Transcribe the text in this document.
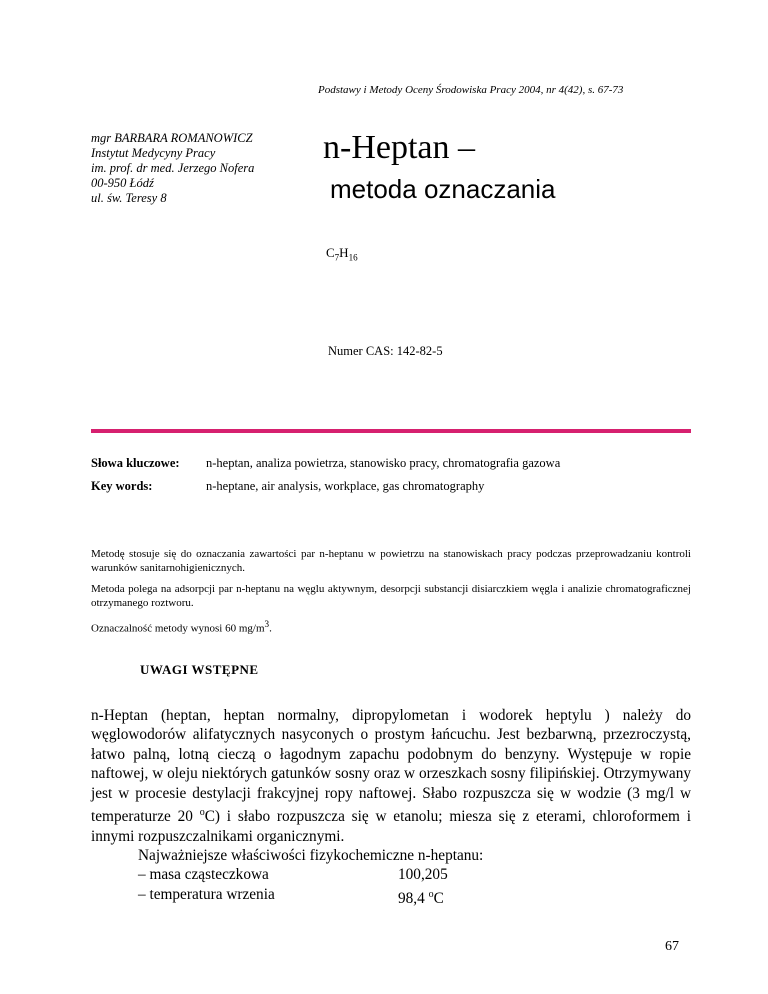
Podstawy i Metody Oceny Środowiska Pracy 2004, nr 4(42), s. 67-73
mgr BARBARA ROMANOWICZ
Instytut Medycyny Pracy
im. prof. dr med. Jerzego Nofera
00-950 Łódź
ul. św. Teresy 8
n-Heptan –
metoda oznaczania
$C_7H_{16}$
Numer CAS: 142-82-5
Słowa kluczowe: n-heptan, analiza powietrza, stanowisko pracy, chromatografia gazowa
Key words:	n-heptane, air analysis, workplace, gas chromatography

Metodę stosuje się do oznaczania zawartości par n-heptanu w powietrzu na stanowiskach pracy podczas przeprowadzaniu kontroli warunków sanitarnohigienicznych.

Metoda polega na adsorpcji par n-heptanu na węglu aktywnym, desorpcji substancji disiarczkiem węgla i analizie chromatograficznej otrzymanego roztworu.

Oznaczalność metody wynosi 60 $mg/m^3$.

UWAGI WSTĘPNE

n-Heptan (heptan, heptan normalny, dipropylometan i wodorek heptylu ) należy do węglowodorów alifatycznych nasyconych o prostym łańcuchu. Jest bezbarwną, przezroczystą, łatwo palną, lotną cieczą o łagodnym zapachu podobnym do benzyny. Występuje w ropie naftowej, w oleju niektórych gatunków sosny oraz w orzeszkach sosny filipińskiej. Otrzymywany jest w procesie destylacji frakcyjnej ropy naftowej. Słabo rozpuszcza się w wodzie (3 mg/l w temperaturze 20 $^o$C) i słabo rozpuszcza się w etanolu; miesza się z eterami, chloroformem i innymi rozpuszczalnikami organicznymi.

Najważniejsze właściwości fizykochemiczne n-heptanu:

– masa cząsteczkowa	100,205
– temperatura wrzenia	98,4 $^o$C
67
